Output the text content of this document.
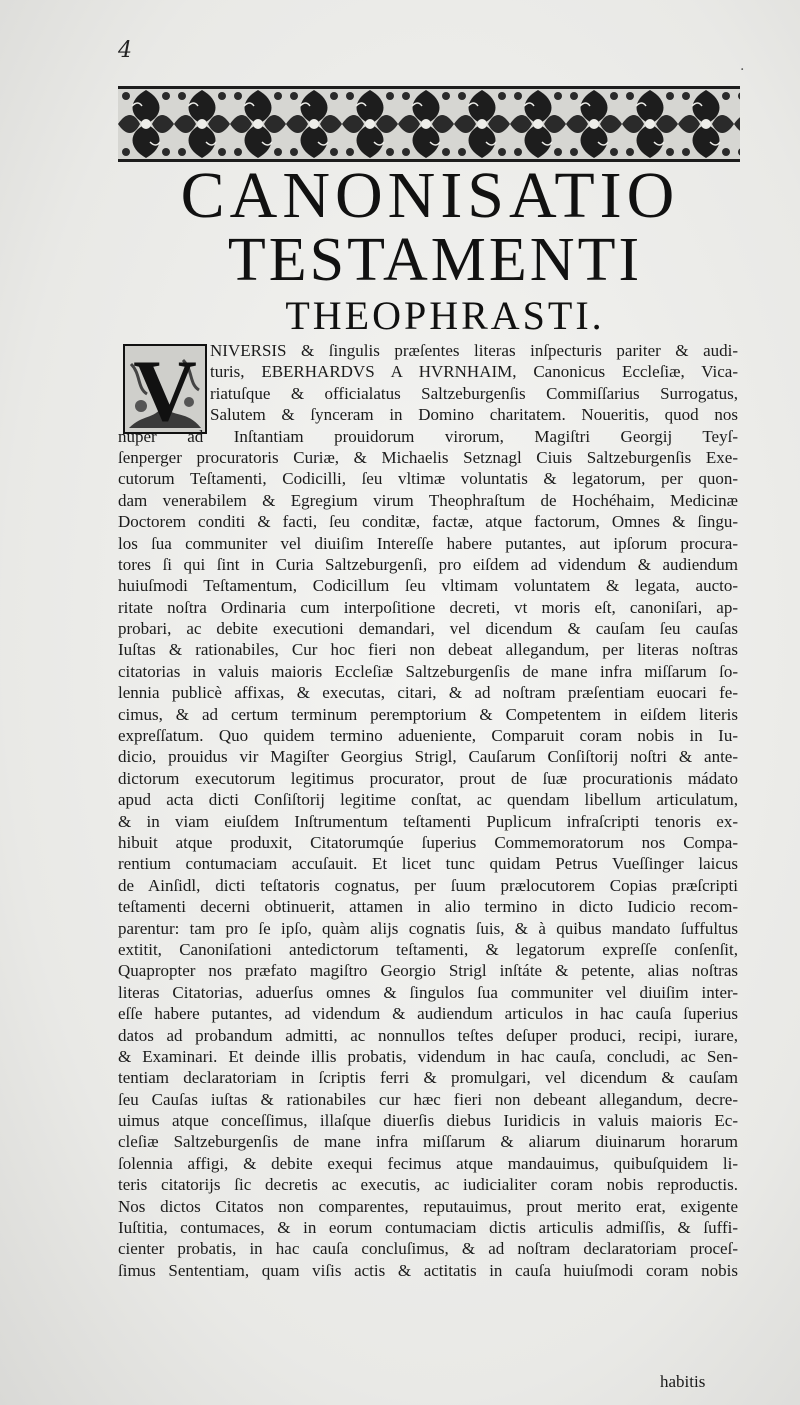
4
·
CANONISATIO
TESTAMENTI
THEOPHRASTI.
V NIVERSIS & ſingulis præſentes literas inſpecturis pariter & audi-
turis, EBERHARDVS A HVRNHAIM, Canonicus Eccleſiæ, Vica-
riatuſque & officialatus Saltzeburgenſis Commiſſarius Surrogatus,
Salutem & ſynceram in Domino charitatem. Noueritis, quod nos
nuper ad Inſtantiam prouidorum virorum, Magiſtri Georgij Teyſ-
ſenperger procuratoris Curiæ, & Michaelis Setznagl Ciuis Saltzeburgenſis Exe-
cutorum Teſtamenti, Codicilli, ſeu vltimæ voluntatis & legatorum, per quon-
dam venerabilem & Egregium virum Theophraſtum de Hochéhaim, Medicinæ
Doctorem conditi & facti, ſeu conditæ, factæ, atque factorum, Omnes & ſingu-
los ſua communiter vel diuiſim Intereſſe habere putantes, aut ipſorum procura-
tores ſi qui ſint in Curia Saltzeburgenſi, pro eiſdem ad videndum & audiendum
huiuſmodi Teſtamentum, Codicillum ſeu vltimam voluntatem & legata, aucto-
ritate noſtra Ordinaria cum interpoſitione decreti, vt moris eſt, canoniſari, ap-
probari, ac debite executioni demandari, vel dicendum & cauſam ſeu cauſas
Iuſtas & rationabiles, Cur hoc fieri non debeat allegandum, per literas noſtras
citatorias in valuis maioris Eccleſiæ Saltzeburgenſis de mane infra miſſarum ſo-
lennia publicè affixas, & executas, citari, & ad noſtram præſentiam euocari fe-
cimus, & ad certum terminum peremptorium & Competentem in eiſdem literis
expreſſatum. Quo quidem termino adueniente, Comparuit coram nobis in Iu-
dicio, prouidus vir Magiſter Georgius Strigl, Cauſarum Conſiſtorij noſtri & ante-
dictorum executorum legitimus procurator, prout de ſuæ procurationis mádato
apud acta dicti Conſiſtorij legitime conſtat, ac quendam libellum articulatum,
& in viam eiuſdem Inſtrumentum teſtamenti Puplicum infraſcripti tenoris ex-
hibuit atque produxit, Citatorumqúe ſuperius Commemoratorum nos Compa-
rentium contumaciam accuſauit. Et licet tunc quidam Petrus Vueſſinger laicus
de Ainſidl, dicti teſtatoris cognatus, per ſuum prælocutorem Copias præſcripti
teſtamenti decerni obtinuerit, attamen in alio termino in dicto Iudicio recom-
parentur: tam pro ſe ipſo, quàm alijs cognatis ſuis, & à quibus mandato ſuffultus
extitit, Canoniſationi antedictorum teſtamenti, & legatorum expreſſe conſenſit,
Quapropter nos præfato magiſtro Georgio Strigl inſtáte & petente, alias noſtras
literas Citatorias, aduerſus omnes & ſingulos ſua communiter vel diuiſim inter-
eſſe habere putantes, ad videndum & audiendum articulos in hac cauſa ſuperius
datos ad probandum admitti, ac nonnullos teſtes deſuper produci, recipi, iurare,
& Examinari. Et deinde illis probatis, videndum in hac cauſa, concludi, ac Sen-
tentiam declaratoriam in ſcriptis ferri & promulgari, vel dicendum & cauſam
ſeu Cauſas iuſtas & rationabiles cur hæc fieri non debeant allegandum, decre-
uimus atque conceſſimus, illaſque diuerſis diebus Iuridicis in valuis maioris Ec-
cleſiæ Saltzeburgenſis de mane infra miſſarum & aliarum diuinarum horarum
ſolennia affigi, & debite exequi fecimus atque mandauimus, quibuſquidem li-
teris citatorijs ſic decretis ac executis, ac iudicialiter coram nobis reproductis.
Nos dictos Citatos non comparentes, reputauimus, prout merito erat, exigente
Iuſtitia, contumaces, & in eorum contumaciam dictis articulis admiſſis, & ſuffi-
cienter probatis, in hac cauſa concluſimus, & ad noſtram declaratoriam proceſ-
ſimus Sententiam, quam viſis actis & actitatis in cauſa huiuſmodi coram nobis
habitis
